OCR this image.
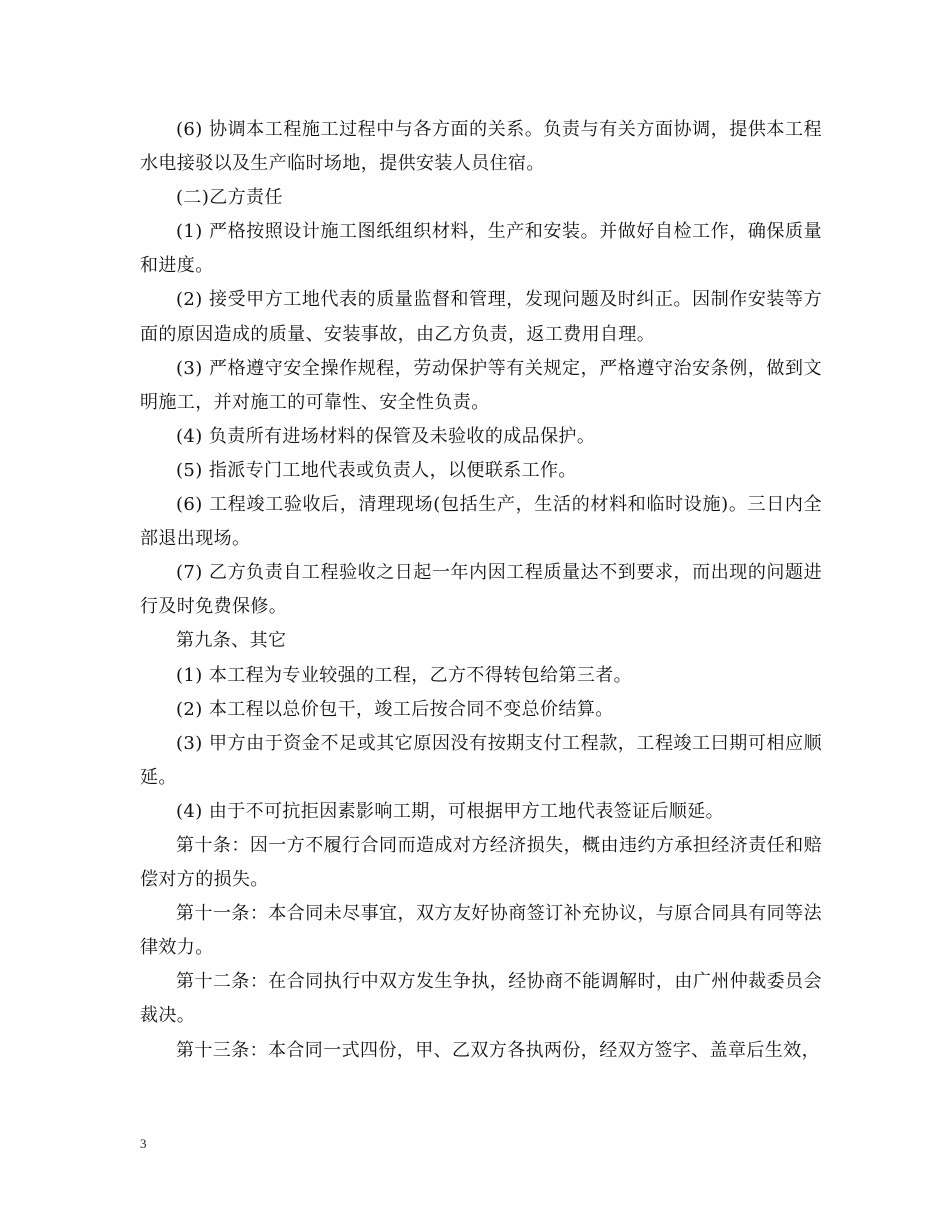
(6) 协调本工程施工过程中与各方面的关系。负责与有关方面协调，提供本工程水电接驳以及生产临时场地，提供安装人员住宿。

(二)乙方责任

(1) 严格按照设计施工图纸组织材料，生产和安装。并做好自检工作，确保质量和进度。

(2) 接受甲方工地代表的质量监督和管理，发现问题及时纠正。因制作安装等方面的原因造成的质量、安装事故，由乙方负责，返工费用自理。

(3) 严格遵守安全操作规程，劳动保护等有关规定，严格遵守治安条例，做到文明施工，并对施工的可靠性、安全性负责。

(4) 负责所有进场材料的保管及未验收的成品保护。

(5) 指派专门工地代表或负责人，以便联系工作。

(6) 工程竣工验收后，清理现场(包括生产，生活的材料和临时设施)。三日内全部退出现场。

(7) 乙方负责自工程验收之日起一年内因工程质量达不到要求，而出现的问题进行及时免费保修。

第九条、其它

(1) 本工程为专业较强的工程，乙方不得转包给第三者。

(2) 本工程以总价包干，竣工后按合同不变总价结算。

(3) 甲方由于资金不足或其它原因没有按期支付工程款，工程竣工曰期可相应顺延。

(4) 由于不可抗拒因素影响工期，可根据甲方工地代表签证后顺延。

第十条：因一方不履行合同而造成对方经济损失，概由违约方承担经济责任和赔偿对方的损失。

第十一条：本合同未尽事宜，双方友好协商签订补充协议，与原合同具有同等法律效力。

第十二条：在合同执行中双方发生争执，经协商不能调解时，由广州仲裁委员会裁决。

第十三条：本合同一式四份，甲、乙双方各执两份，经双方签字、盖章后生效，

3
